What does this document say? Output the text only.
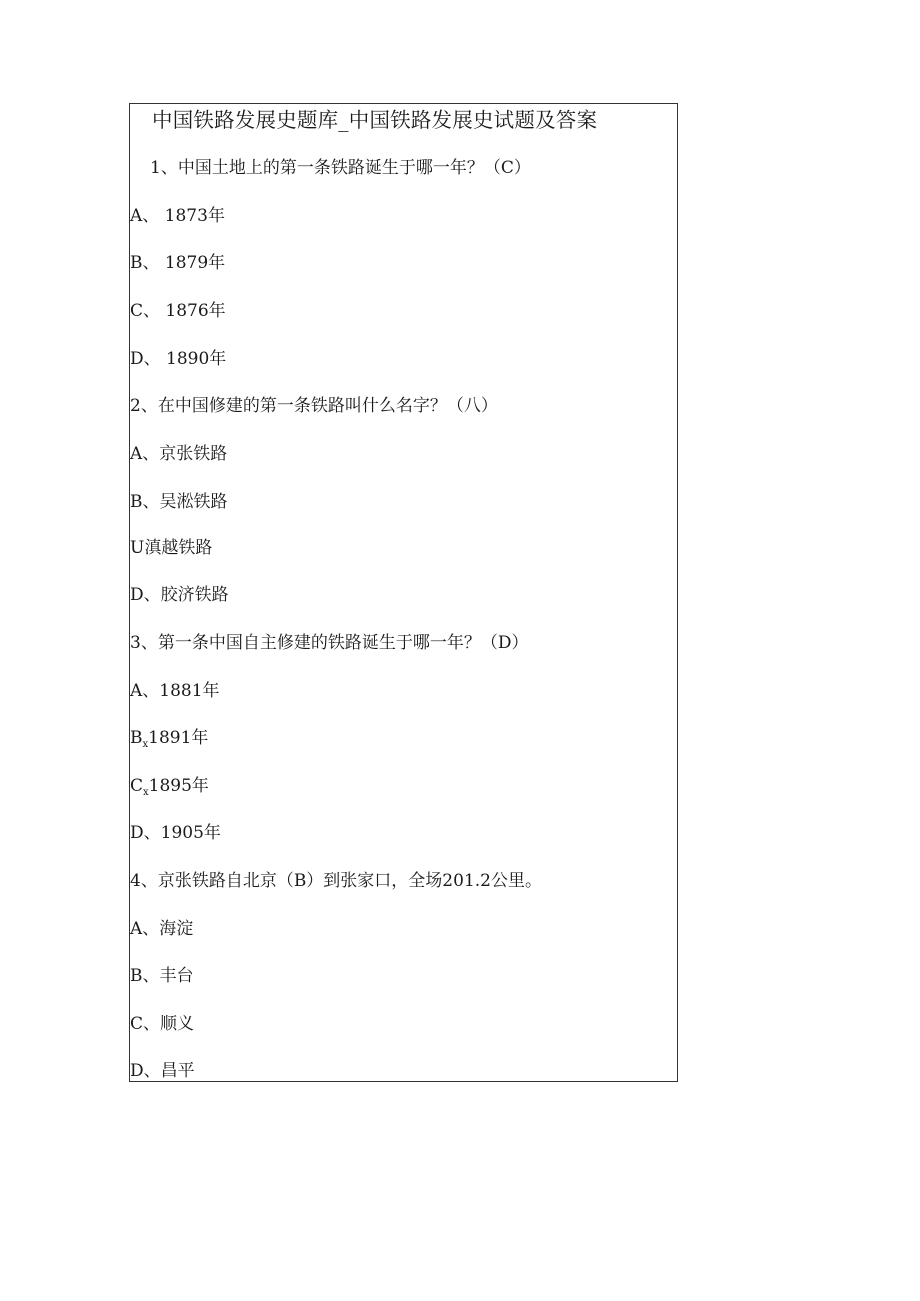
中国铁路发展史题库_中国铁路发展史试题及答案
1、中国土地上的第一条铁路诞生于哪一年？（C）
A、 1873年
B、 1879年
C、 1876年
D、 1890年
2、在中国修建的第一条铁路叫什么名字？（八）
A、京张铁路
B、吴淞铁路
U滇越铁路
D、胶济铁路
3、第一条中国自主修建的铁路诞生于哪一年？（D）
A、1881年
$B_x1891$年
$C_x1895$年
D、1905年
4、京张铁路自北京（B）到张家口，全场201.2公里。
A、海淀
B、丰台
C、顺义
D、昌平
